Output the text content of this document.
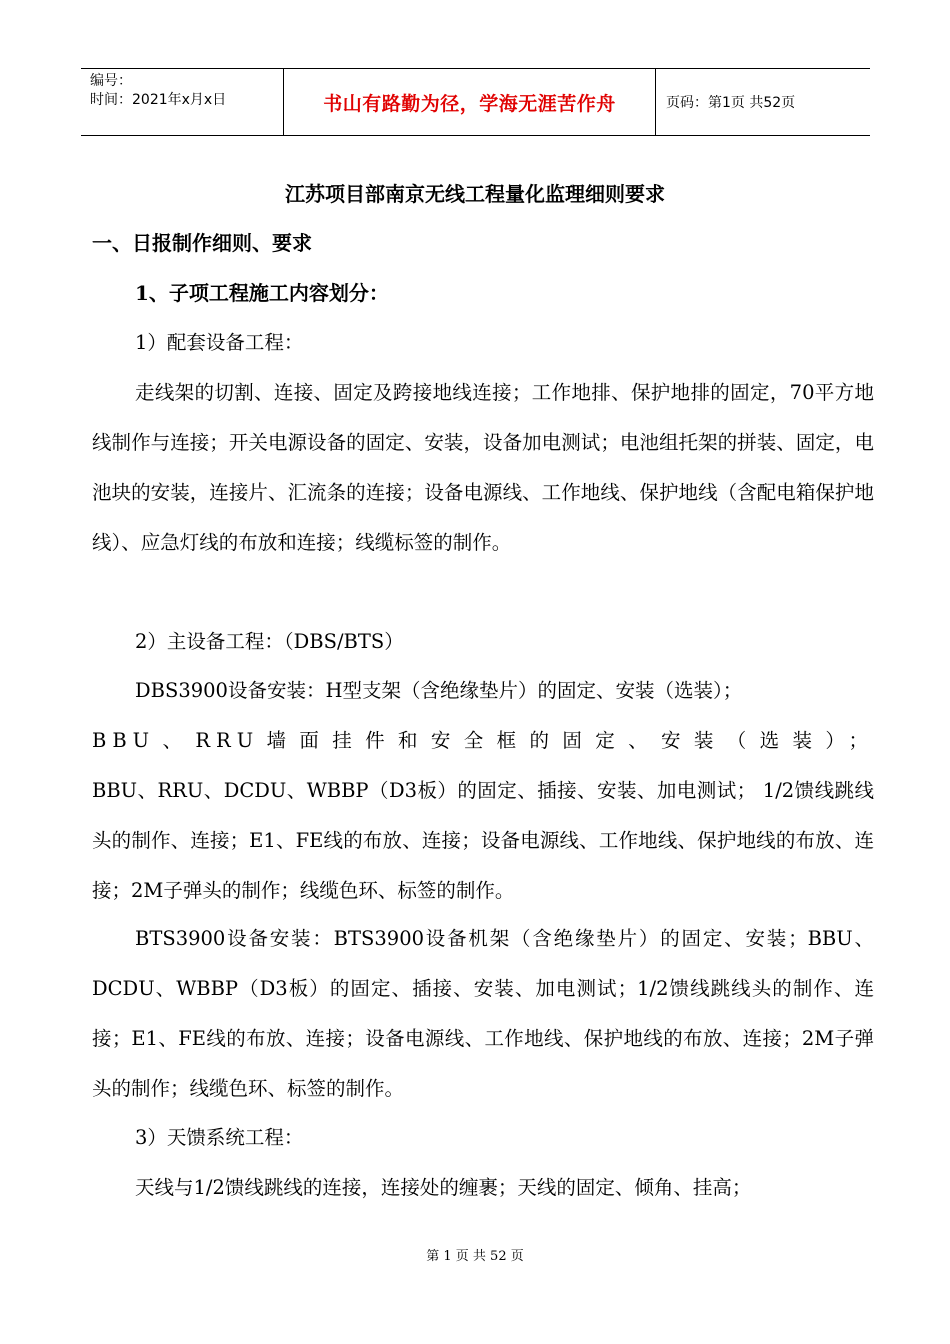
编号：
时间：2021年x月x日	书山有路勤为径，学海无涯苦作舟	页码：第1页 共52页
江苏项目部南京无线工程量化监理细则要求

一、日报制作细则、要求

1、子项工程施工内容划分：

1）配套设备工程：

走线架的切割、连接、固定及跨接地线连接；工作地排、保护地排的固定，70平方地线制作与连接；开关电源设备的固定、安装，设备加电测试；电池组托架的拼装、固定，电池块的安装，连接片、汇流条的连接；设备电源线、工作地线、保护地线（含配电箱保护地线）、应急灯线的布放和连接；线缆标签的制作。

2）主设备工程：（DBS/BTS）

DBS3900设备安装：H型支架（含绝缘垫片）的固定、安装（选装）；

BBU、RRU墙面挂件和安全框的固定、安装（选装）；

BBU、RRU、DCDU、WBBP（D3板）的固定、插接、安装、加电测试； 1/2馈线跳线头的制作、连接；E1、FE线的布放、连接；设备电源线、工作地线、保护地线的布放、连接；2M子弹头的制作；线缆色环、标签的制作。

BTS3900设备安装：BTS3900设备机架（含绝缘垫片）的固定、安装；BBU、DCDU、WBBP（D3板）的固定、插接、安装、加电测试；1/2馈线跳线头的制作、连接；E1、FE线的布放、连接；设备电源线、工作地线、保护地线的布放、连接；2M子弹头的制作；线缆色环、标签的制作。

3）天馈系统工程：

天线与1/2馈线跳线的连接，连接处的缠裹；天线的固定、倾角、挂高；

第 1 页 共 52 页
